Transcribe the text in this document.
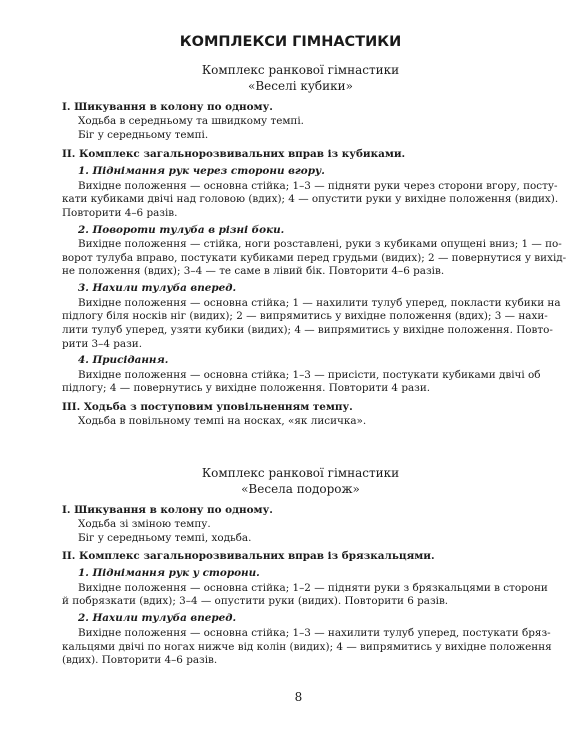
КОМПЛЕКСИ ГІМНАСТИКИ
Комплекс ранкової гімнастики
«Веселі кубики»
I. Шикування в колону по одному.
Ходьба в середньому та швидкому темпі.
Біг у середньому темпі.
II. Комплекс загальнорозвивальних вправ із кубиками.
1. Піднімання рук через сторони вгору.
Вихідне положення — основна стійка; 1–3 — підняти руки через сторони вгору, посту-
кати кубиками двічі над головою (вдих); 4 — опустити руки у вихідне положення (видих).
Повторити 4–6 разів.
2. Повороти тулуба в різні боки.
Вихідне положення — стійка, ноги розставлені, руки з кубиками опущені вниз; 1 — по-
ворот тулуба вправо, постукати кубиками перед грудьми (видих); 2 — повернутися у вихід-
не положення (вдих); 3–4 — те саме в лівий бік. Повторити 4–6 разів.
3. Нахили тулуба вперед.
Вихідне положення — основна стійка; 1 — нахилити тулуб уперед, покласти кубики на
підлогу біля носків ніг (видих); 2 — випрямитись у вихідне положення (вдих); 3 — нахи-
лити тулуб уперед, узяти кубики (видих); 4 — випрямитись у вихідне положення. Повто-
рити 3–4 рази.
4. Присідання.
Вихідне положення — основна стійка; 1–3 — присісти, постукати кубиками двічі об
підлогу; 4 — повернутись у вихідне положення. Повторити 4 рази.
III. Ходьба з поступовим уповільненням темпу.
Ходьба в повільному темпі на носках, «як лисичка».
Комплекс ранкової гімнастики
«Весела подорож»
I. Шикування в колону по одному.
Ходьба зі зміною темпу.
Біг у середньому темпі, ходьба.
II. Комплекс загальнорозвивальних вправ із брязкальцями.
1. Піднімання рук у сторони.
Вихідне положення — основна стійка; 1–2 — підняти руки з брязкальцями в сторони
й побрязкати (вдих); 3–4 — опустити руки (видих). Повторити 6 разів.
2. Нахили тулуба вперед.
Вихідне положення — основна стійка; 1–3 — нахилити тулуб уперед, постукати бряз-
кальцями двічі по ногах нижче від колін (видих); 4 — випрямитись у вихідне положення
(вдих). Повторити 4–6 разів.
8
